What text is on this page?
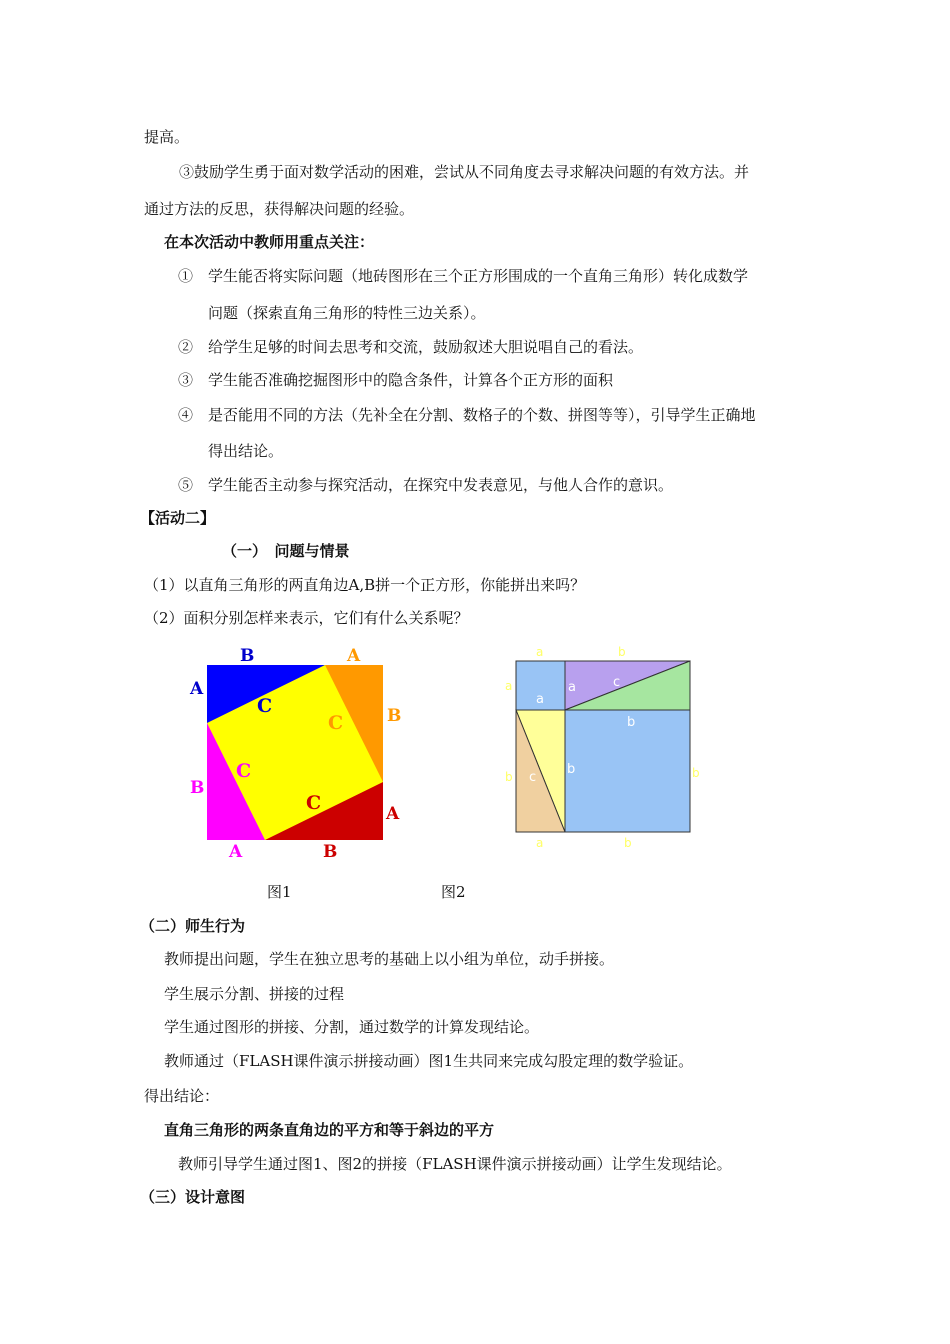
提高。
③鼓励学生勇于面对数学活动的困难，尝试从不同角度去寻求解决问题的有效方法。并
通过方法的反思，获得解决问题的经验。
在本次活动中教师用重点关注：
①　学生能否将实际问题（地砖图形在三个正方形围成的一个直角三角形）转化成数学
问题（探索直角三角形的特性三边关系）。
②　给学生足够的时间去思考和交流，鼓励叙述大胆说唱自己的看法。
③　学生能否准确挖掘图形中的隐含条件，计算各个正方形的面积
④　是否能用不同的方法（先补全在分割、数格子的个数、拼图等等），引导学生正确地
得出结论。
⑤　学生能否主动参与探究活动，在探究中发表意见，与他人合作的意识。
【活动二】
（一）　问题与情景
（1）以直角三角形的两直角边A,B拼一个正方形，你能拼出来吗？
（2）面积分别怎样来表示，它们有什么关系呢？
B	A
A
B
B
A
A	B
C
C
C
C
a	b
a
a
a	c
b
b c
b	b
a	b
图1	图2
（二）师生行为
教师提出问题，学生在独立思考的基础上以小组为单位，动手拼接。
学生展示分割、拼接的过程
学生通过图形的拼接、分割，通过数学的计算发现结论。
教师通过（FLASH课件演示拼接动画）图1生共同来完成勾股定理的数学验证。
得出结论：
直角三角形的两条直角边的平方和等于斜边的平方
教师引导学生通过图1、图2的拼接（FLASH课件演示拼接动画）让学生发现结论。
（三）设计意图
